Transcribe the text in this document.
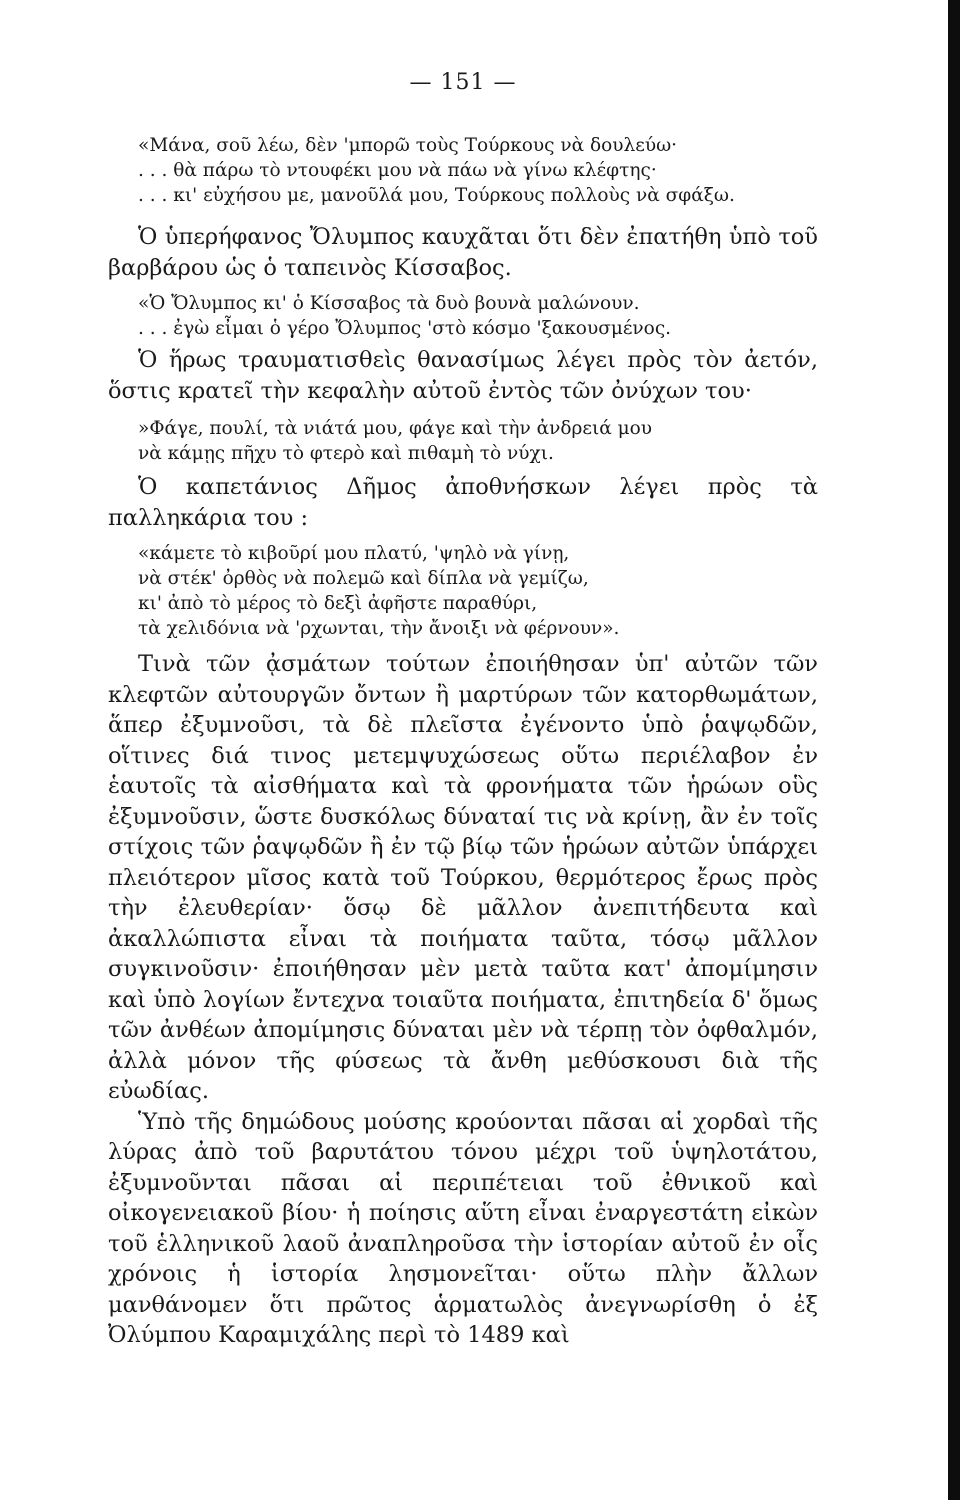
— 151 —
«Μάνα, σοῦ λέω, δὲν 'μπορῶ τοὺς Τούρκους νὰ δουλεύω·
. . . θὰ πάρω τὸ ντουφέκι μου νὰ πάω νὰ γίνω κλέφτης·
. . . κι' εὐχήσου με, μανοῦλά μου, Τούρκους πολλοὺς νὰ σφάξω.

Ὁ ὑπερήφανος Ὄλυμπος καυχᾶται ὅτι δὲν ἐπατήθη ὑπὸ τοῦ βαρβάρου ὡς ὁ ταπεινὸς Κίσσαβος.

«Ὁ Ὄλυμπος κι' ὁ Κίσσαβος τὰ δυὸ βουνὰ μαλώνουν.
. . . ἐγὼ εἶμαι ὁ γέρο Ὄλυμπος 'στὸ κόσμο 'ξακουσμένος.

Ὁ ἥρως τραυματισθεὶς θανασίμως λέγει πρὸς τὸν ἀετόν, ὅστις κρατεῖ τὴν κεφαλὴν αὐτοῦ ἐντὸς τῶν ὀνύχων του·

»Φάγε, πουλί, τὰ νιάτά μου, φάγε καὶ τὴν ἀνδρειά μου
νὰ κάμῃς πῆχυ τὸ φτερὸ καὶ πιθαμὴ τὸ νύχι.

Ὁ καπετάνιος Δῆμος ἀποθνήσκων λέγει πρὸς τὰ παλληκάρια του :

«κάμετε τὸ κιβοῦρί μου πλατύ, 'ψηλὸ νὰ γίνῃ,
νὰ στέκ' ὀρθὸς νὰ πολεμῶ καὶ δίπλα νὰ γεμίζω,
κι' ἀπὸ τὸ μέρος τὸ δεξὶ ἀφῆστε παραθύρι,
τὰ χελιδόνια νὰ 'ρχωνται, τὴν ἄνοιξι νὰ φέρνουν».

Τινὰ τῶν ᾀσμάτων τούτων ἐποιήθησαν ὑπ' αὐτῶν τῶν κλεφτῶν αὐτουργῶν ὄντων ἢ μαρτύρων τῶν κατορθωμάτων, ἅπερ ἐξυμνοῦσι, τὰ δὲ πλεῖστα ἐγένοντο ὑπὸ ῥαψῳδῶν, οἵτινες διά τινος μετεμψυχώσεως οὕτω περιέλαβον ἐν ἑαυτοῖς τὰ αἰσθήματα καὶ τὰ φρονήματα τῶν ἡρώων οὓς ἐξυμνοῦσιν, ὥστε δυσκόλως δύναταί τις νὰ κρίνῃ, ἂν ἐν τοῖς στίχοις τῶν ῥαψῳδῶν ἢ ἐν τῷ βίῳ τῶν ἡρώων αὐτῶν ὑπάρχει πλειότερον μῖσος κατὰ τοῦ Τούρκου, θερμότερος ἔρως πρὸς τὴν ἐλευθερίαν· ὅσῳ δὲ μᾶλλον ἀνεπιτήδευτα καὶ ἀκαλλώπιστα εἶναι τὰ ποιήματα ταῦτα, τόσῳ μᾶλλον συγκινοῦσιν· ἐποιήθησαν μὲν μετὰ ταῦτα κατ' ἀπομίμησιν καὶ ὑπὸ λογίων ἔντεχνα τοιαῦτα ποιήματα, ἐπιτηδεία δ' ὅμως τῶν ἀνθέων ἀπομίμησις δύναται μὲν νὰ τέρπῃ τὸν ὀφθαλμόν, ἀλλὰ μόνον τῆς φύσεως τὰ ἄνθη μεθύσκουσι διὰ τῆς εὐωδίας.

Ὑπὸ τῆς δημώδους μούσης κρούονται πᾶσαι αἱ χορδαὶ τῆς λύρας ἀπὸ τοῦ βαρυτάτου τόνου μέχρι τοῦ ὑψηλοτάτου, ἐξυμνοῦνται πᾶσαι αἱ περιπέτειαι τοῦ ἐθνικοῦ καὶ οἰκογενειακοῦ βίου· ἡ ποίησις αὕτη εἶναι ἐναργεστάτη εἰκὼν τοῦ ἑλληνικοῦ λαοῦ ἀναπληροῦσα τὴν ἱστορίαν αὐτοῦ ἐν οἷς χρόνοις ἡ ἱστορία λησμονεῖται· οὕτω πλὴν ἄλλων μανθάνομεν ὅτι πρῶτος ἁρματωλὸς ἀνεγνωρίσθη ὁ ἐξ Ὀλύμπου Καραμιχάλης περὶ τὸ 1489 καὶ
